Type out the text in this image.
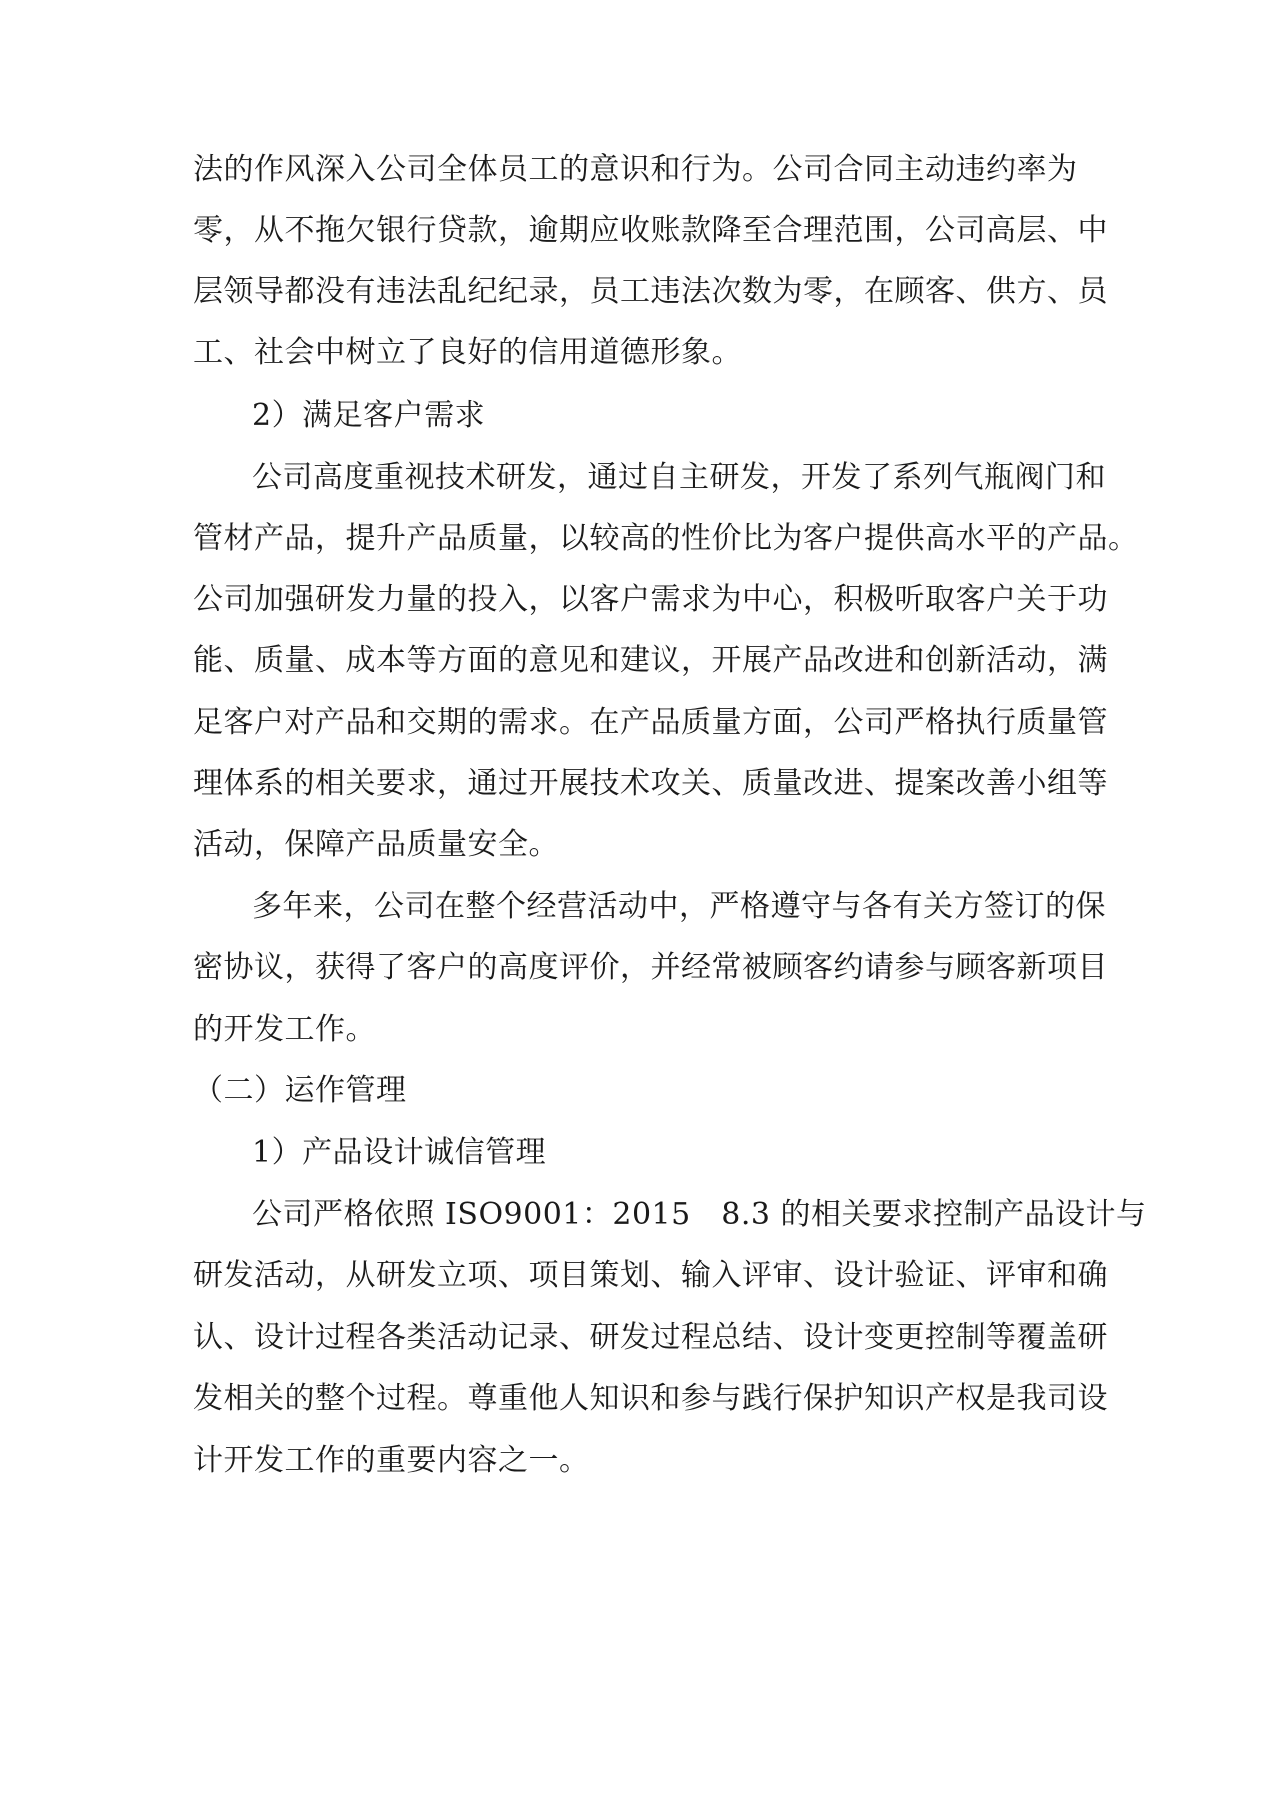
法的作风深入公司全体员工的意识和行为。公司合同主动违约率为
零，从不拖欠银行贷款，逾期应收账款降至合理范围，公司高层、中
层领导都没有违法乱纪纪录，员工违法次数为零，在顾客、供方、员
工、社会中树立了良好的信用道德形象。
2）满足客户需求
公司高度重视技术研发，通过自主研发，开发了系列气瓶阀门和
管材产品，提升产品质量，以较高的性价比为客户提供高水平的产品。
公司加强研发力量的投入，以客户需求为中心，积极听取客户关于功
能、质量、成本等方面的意见和建议，开展产品改进和创新活动，满
足客户对产品和交期的需求。在产品质量方面，公司严格执行质量管
理体系的相关要求，通过开展技术攻关、质量改进、提案改善小组等
活动，保障产品质量安全。
多年来，公司在整个经营活动中，严格遵守与各有关方签订的保
密协议，获得了客户的高度评价，并经常被顾客约请参与顾客新项目
的开发工作。
（二）运作管理
1）产品设计诚信管理
公司严格依照 ISO9001：2015　8.3 的相关要求控制产品设计与
研发活动，从研发立项、项目策划、输入评审、设计验证、评审和确
认、设计过程各类活动记录、研发过程总结、设计变更控制等覆盖研
发相关的整个过程。尊重他人知识和参与践行保护知识产权是我司设
计开发工作的重要内容之一。
